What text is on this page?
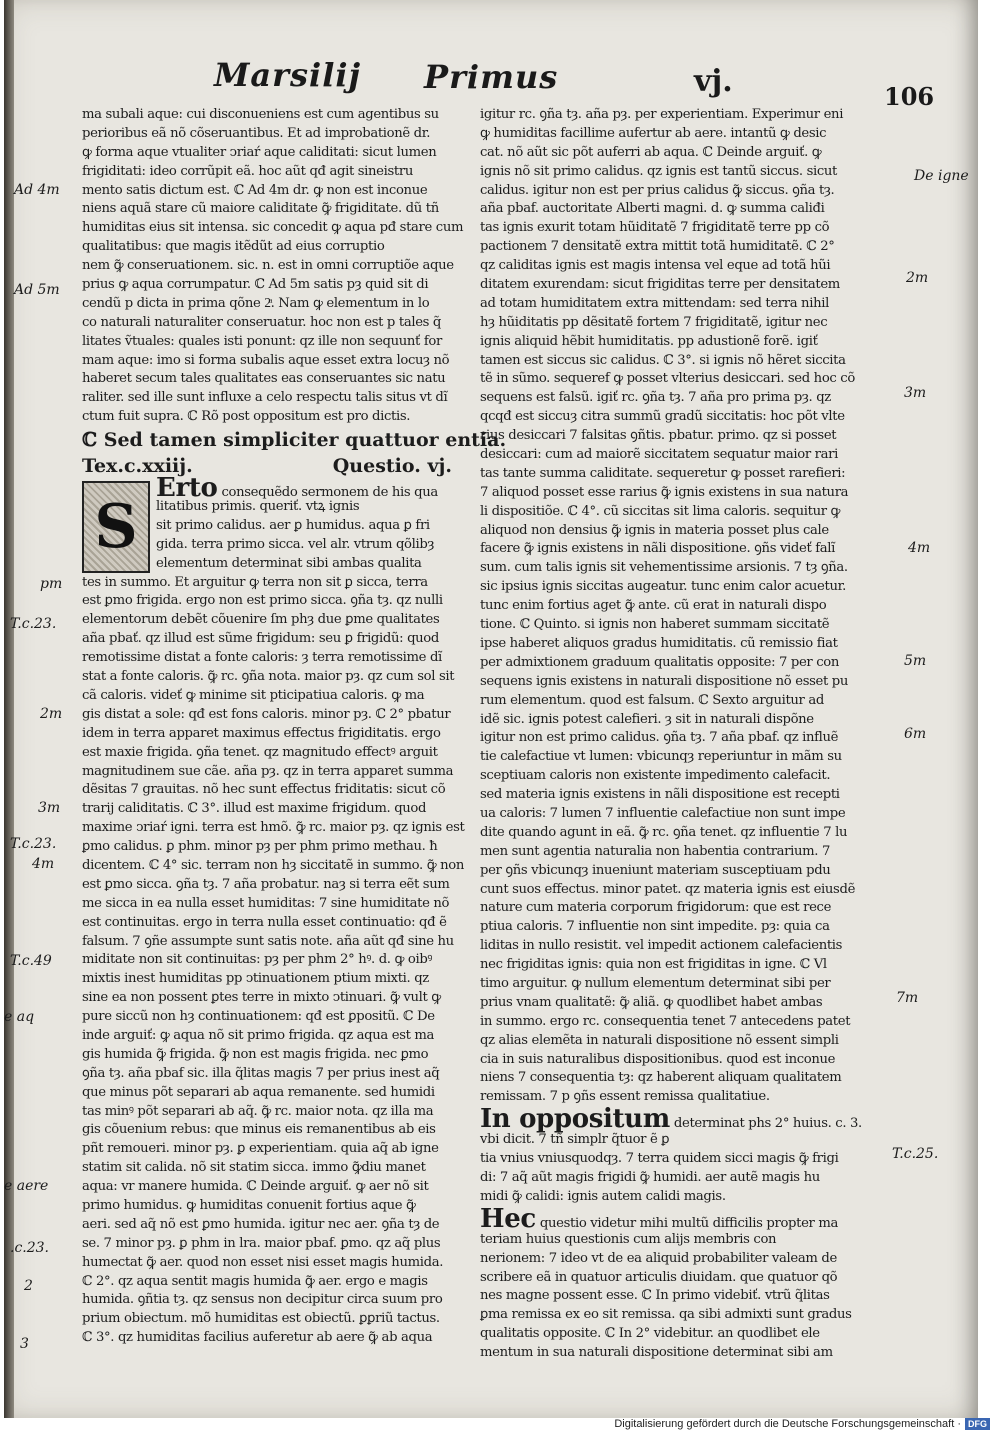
Marsilij Primus	vj.	106
ma subali aque: cui disconueniens est cum agentibus su
perioribus eã nõ cõseruantibus. Et ad improbationẽ dr.
ꝙ forma aque vtualiter ↄriaŕ aque caliditati: sicut lumen
frigiditati: ideo corrũpit eã. hoc aũt qđ agit sineistru
mento satis dictum est. ℂ Ad 4m dr. ꝙ non est inconue
niens aquã stare cũ maiore caliditate ꝙ̃ frigiditate. dũ tñ
humiditas eius sit intensa. sic concedit ꝙ aqua pđ stare cum
qualitatibus: que magis itẽdũt ad eius corruptio
nem ꝙ̃ conseruationem. sic. n. est in omni corruptiõe aque
prius ꝙ aqua corrumpatur. ℂ Ad 5m satis pȝ quid sit di
cendũ p dicta in prima qõne 2ͣ. Nam ꝙ elementum in lo
co naturali naturaliter conseruatur. hoc non est p tales q̃
litates ṽtuales: quales isti ponunt: qz ille non sequunť for
mam aque: imo si forma subalis aque esset extra locuȝ nõ
haberet secum tales qualitates eas conseruantes sic natu
raliter. sed ille sunt influxe a celo respectu talis situs vt dĩ
ctum fuit supra. ℂ Rõ post oppositum est pro dictis.
ℂ Sed tamen simpliciter quattuor entia.
Tex.c.xxiij.	Questio. vj.
S
Erto consequẽdo sermonem de his qua
litatibus primis. queriť. vtꝝ ignis
sit primo calidus. aer ꝑ humidus. aqua ꝑ fri
gida. terra primo sicca. vel alr. vtrum qõlibȝ
elementum determinat sibi ambas qualita
tes in summo. Et arguitur ꝙ terra non sit ꝑ sicca, terra
est ꝑmo frigida. ergo non est primo sicca. ꝯña tȝ. qz nulli
elementorum debẽt cõuenire ſm phȝ due ꝑme qualitates
aña pbať. qz illud est sũme frigidum: seu ꝑ frigidũ: quod
remotissime distat a fonte caloris: ȝ terra remotissime dĩ
stat a fonte caloris. ꝙ̃ rc. ꝯña nota. maior pȝ. qz cum sol sit
cã caloris. videť ꝙ minime sit pticipatiua caloris. ꝙ ma
gis distat a sole: qđ est fons caloris. minor pȝ. ℂ 2° pbatur
idem in terra apparet maximus effectus frigiditatis. ergo
est maxie frigida. ꝯña tenet. qz magnitudo effectꝰ arguit
magnitudinem sue cãe. aña pȝ. qz in terra apparet summa
dẽsitas 7 grauitas. nõ hec sunt effectus friditatis: sicut cõ
trarij caliditatis. ℂ 3°. illud est maxime frigidum. quod
maxime ↄriaŕ igni. terra est hmõ. ꝙ̃ rc. maior pȝ. qz ignis est
ꝑmo calidus. ꝑ phm. minor pȝ per phm primo methau. ħ
dicentem. ℂ 4° sic. terram non hȝ siccitatẽ in summo. ꝙ̃ non
est ꝑmo sicca. ꝯña tȝ. 7 aña probatur. naȝ si terra eẽt sum
me sicca in ea nulla esset humiditas: 7 sine humiditate nõ
est continuitas. ergo in terra nulla esset continuatio: qđ ẽ
falsum. 7 ꝯñe assumpte sunt satis note. aña aũt qđ sine hu
miditate non sit continuitas: pȝ per phm 2° hꝰ. d. ꝙ oibꝰ
mixtis inest humiditas pp ↄtinuationem ptium mixti. qz
sine ea non possent ꝑtes terre in mixto ↄtinuari. ꝙ̃ vult ꝙ
pure siccũ non hȝ continuationem: qđ est ꝑpositũ. ℂ De
inde arguiť: ꝙ aqua nõ sit primo frigida. qz aqua est ma
gis humida ꝙ̃ frigida. ꝙ̃ non est magis frigida. nec ꝑmo
ꝯña tȝ. aña pbaf sic. illa q̃litas magis 7 per prius inest aq̃
que minus põt separari ab aqua remanente. sed humidi
tas minꝰ põt separari ab aq̃. ꝙ̃ rc. maior nota. qz illa ma
gis cõuenium rebus: que minus eis remanentibus ab eis
pñt remoueri. minor pȝ. ꝑ experientiam. quia aq̃ ab igne
statim sit calida. nõ sit statim sicca. immo ꝙ̃diu manet
aqua: vr manere humida. ℂ Deinde arguiť. ꝙ aer nõ sit
primo humidus. ꝙ humiditas conuenit fortius aque ꝙ̃
aeri. sed aq̃ nõ est ꝑmo humida. igitur nec aer. ꝯña tȝ de
se. 7 minor pȝ. ꝑ phm in lra. maior pbaf. ꝑmo. qz aq̃ plus
humectat ꝙ̃ aer. quod non esset nisi esset magis humida.
ℂ 2°. qz aqua sentit magis humida ꝙ̃ aer. ergo e magis
humida. ꝯñtia tȝ. qz sensus non decipitur circa suum pro
prium obiectum. mõ humiditas est obiectũ. ꝑꝑriũ tactus.
ℂ 3°. qz humiditas facilius auferetur ab aere ꝙ̃ ab aqua
igitur rc. ꝯña tȝ. aña pȝ. per experientiam. Experimur eni
ꝙ humiditas facillime aufertur ab aere. intantũ ꝙ desic
cat. nõ aũt sic põt auferri ab aqua. ℂ Deinde arguiť. ꝙ
ignis nõ sit primo calidus. qz ignis est tantũ siccus. sicut
calidus. igitur non est per prius calidus ꝙ̃ siccus. ꝯña tȝ.
aña pbaf. auctoritate Alberti magni. d. ꝙ summa caliđi
tas ignis exurit totam hũiditatẽ 7 frigiditatẽ terre pp cõ
pactionem 7 densitatẽ extra mittit totã humiditatẽ. ℂ 2°
qz caliditas ignis est magis intensa vel eque ad totã hũi
ditatem exurendam: sicut frigiditas terre per densitatem
ad totam humiditatem extra mittendam: sed terra nihil
hȝ hũiditatis pp dẽsitatẽ fortem 7 frigiditatẽ, igitur nec
ignis aliquid hẽbit humiditatis. pp adustionẽ forẽ. igiť
tamen est siccus sic calidus. ℂ 3°. si ignis nõ hẽret siccita
tẽ in sũmo. sequeref ꝙ posset vlterius desiccari. sed hoc cõ
sequens est falsũ. igiť rc. ꝯña tȝ. 7 aña pro prima pȝ. qz
qcqđ est siccuȝ citra summũ gradũ siccitatis: hoc põt vlte
rius desiccari 7 falsitas ꝯñtis. pbatur. primo. qz si posset
desiccari: cum ad maiorẽ siccitatem sequatur maior rari
tas tante summa caliditate. sequeretur ꝙ posset rarefieri:
7 aliquod posset esse rarius ꝙ̃ ignis existens in sua natura
li dispositiõe. ℂ 4°. cũ siccitas sit lima caloris. sequitur ꝙ
aliquod non densius ꝙ̃ ignis in materia posset plus cale
facere ꝙ̃ ignis existens in nãli dispositione. ꝯñs videť falĩ
sum. cum talis ignis sit vehementissime arsionis. 7 tȝ ꝯña.
sic ipsius ignis siccitas augeatur. tunc enim calor acuetur.
tunc enim fortius aget ꝙ̃ ante. cũ erat in naturali dispo
tione. ℂ Quinto. si ignis non haberet summam siccitatẽ
ipse haberet aliquos gradus humiditatis. cũ remissio fiat
per admixtionem graduum qualitatis opposite: 7 per con
sequens ignis existens in naturali dispositione nõ esset pu
rum elementum. quod est falsum. ℂ Sexto arguitur ad
idẽ sic. ignis potest calefieri. ȝ sit in naturali dispõne
igitur non est primo calidus. ꝯña tȝ. 7 aña pbaf. qz influẽ
tie calefactiue vt lumen: vbicunqȝ reperiuntur in mãm su
sceptiuam caloris non existente impedimento calefacit.
sed materia ignis existens in nãli dispositione est recepti
ua caloris: 7 lumen 7 influentie calefactiue non sunt impe
dite quando agunt in eã. ꝙ̃ rc. ꝯña tenet. qz influentie 7 lu
men sunt agentia naturalia non habentia contrarium. 7
per ꝯñs vbicunqȝ inueniunt materiam susceptiuam pdu
cunt suos effectus. minor patet. qz materia ignis est eiusdẽ
nature cum materia corporum frigidorum: que est rece
ptiua caloris. 7 influentie non sint impedite. pȝ: quia ca
liditas in nullo resistit. vel impedit actionem calefacientis
nec frigiditas ignis: quia non est frigiditas in igne. ℂ Vl
timo arguitur. ꝙ nullum elementum determinat sibi per
prius vnam qualitatẽ: ꝙ̃ aliã. ꝙ quodlibet habet ambas
in summo. ergo rc. consequentia tenet 7 antecedens patet
qz alias elemẽta in naturali dispositione nõ essent simpli
cia in suis naturalibus dispositionibus. quod est inconue
niens 7 consequentia tȝ: qz haberent aliquam qualitatem
remissam. 7 p ꝯñs essent remissa qualitatiue.
In oppositum determinat phs 2° huius. c. 3.
vbi dicit. 7 tñ simplr q̃tuor ẽ ꝑ
tia vnius vniusquodqȝ. 7 terra quidem sicci magis ꝙ̃ frigi
di: 7 aq̃ aũt magis frigidi ꝙ̃ humidi. aer autẽ magis hu
midi ꝙ̃ calidi: ignis autem calidi magis.
Hec questio videtur mihi multũ difficilis propter ma
teriam huius questionis cum alijs membris con
nerionem: 7 ideo vt de ea aliquid probabiliter valeam de
scribere eã in quatuor articulis diuidam. que quatuor qõ
nes magne possent esse. ℂ In primo videbiť. vtrũ q̃litas
ꝑma remissa ex eo sit remissa. qa sibi admixti sunt gradus
qualitatis opposite. ℂ In 2° videbitur. an quodlibet ele
mentum in sua naturali dispositione determinat sibi am
Ad 4m
Ad 5m
pm
T.c.23.
2m
3m
T.c.23.
4m
T.c.49
e aq
e aere
.c.23.
2
3
De igne
2m
3m
4m
5m
6m
7m
T.c.25.
Digitalisierung gefördert durch die Deutsche Forschungsgemeinschaft · DFG
